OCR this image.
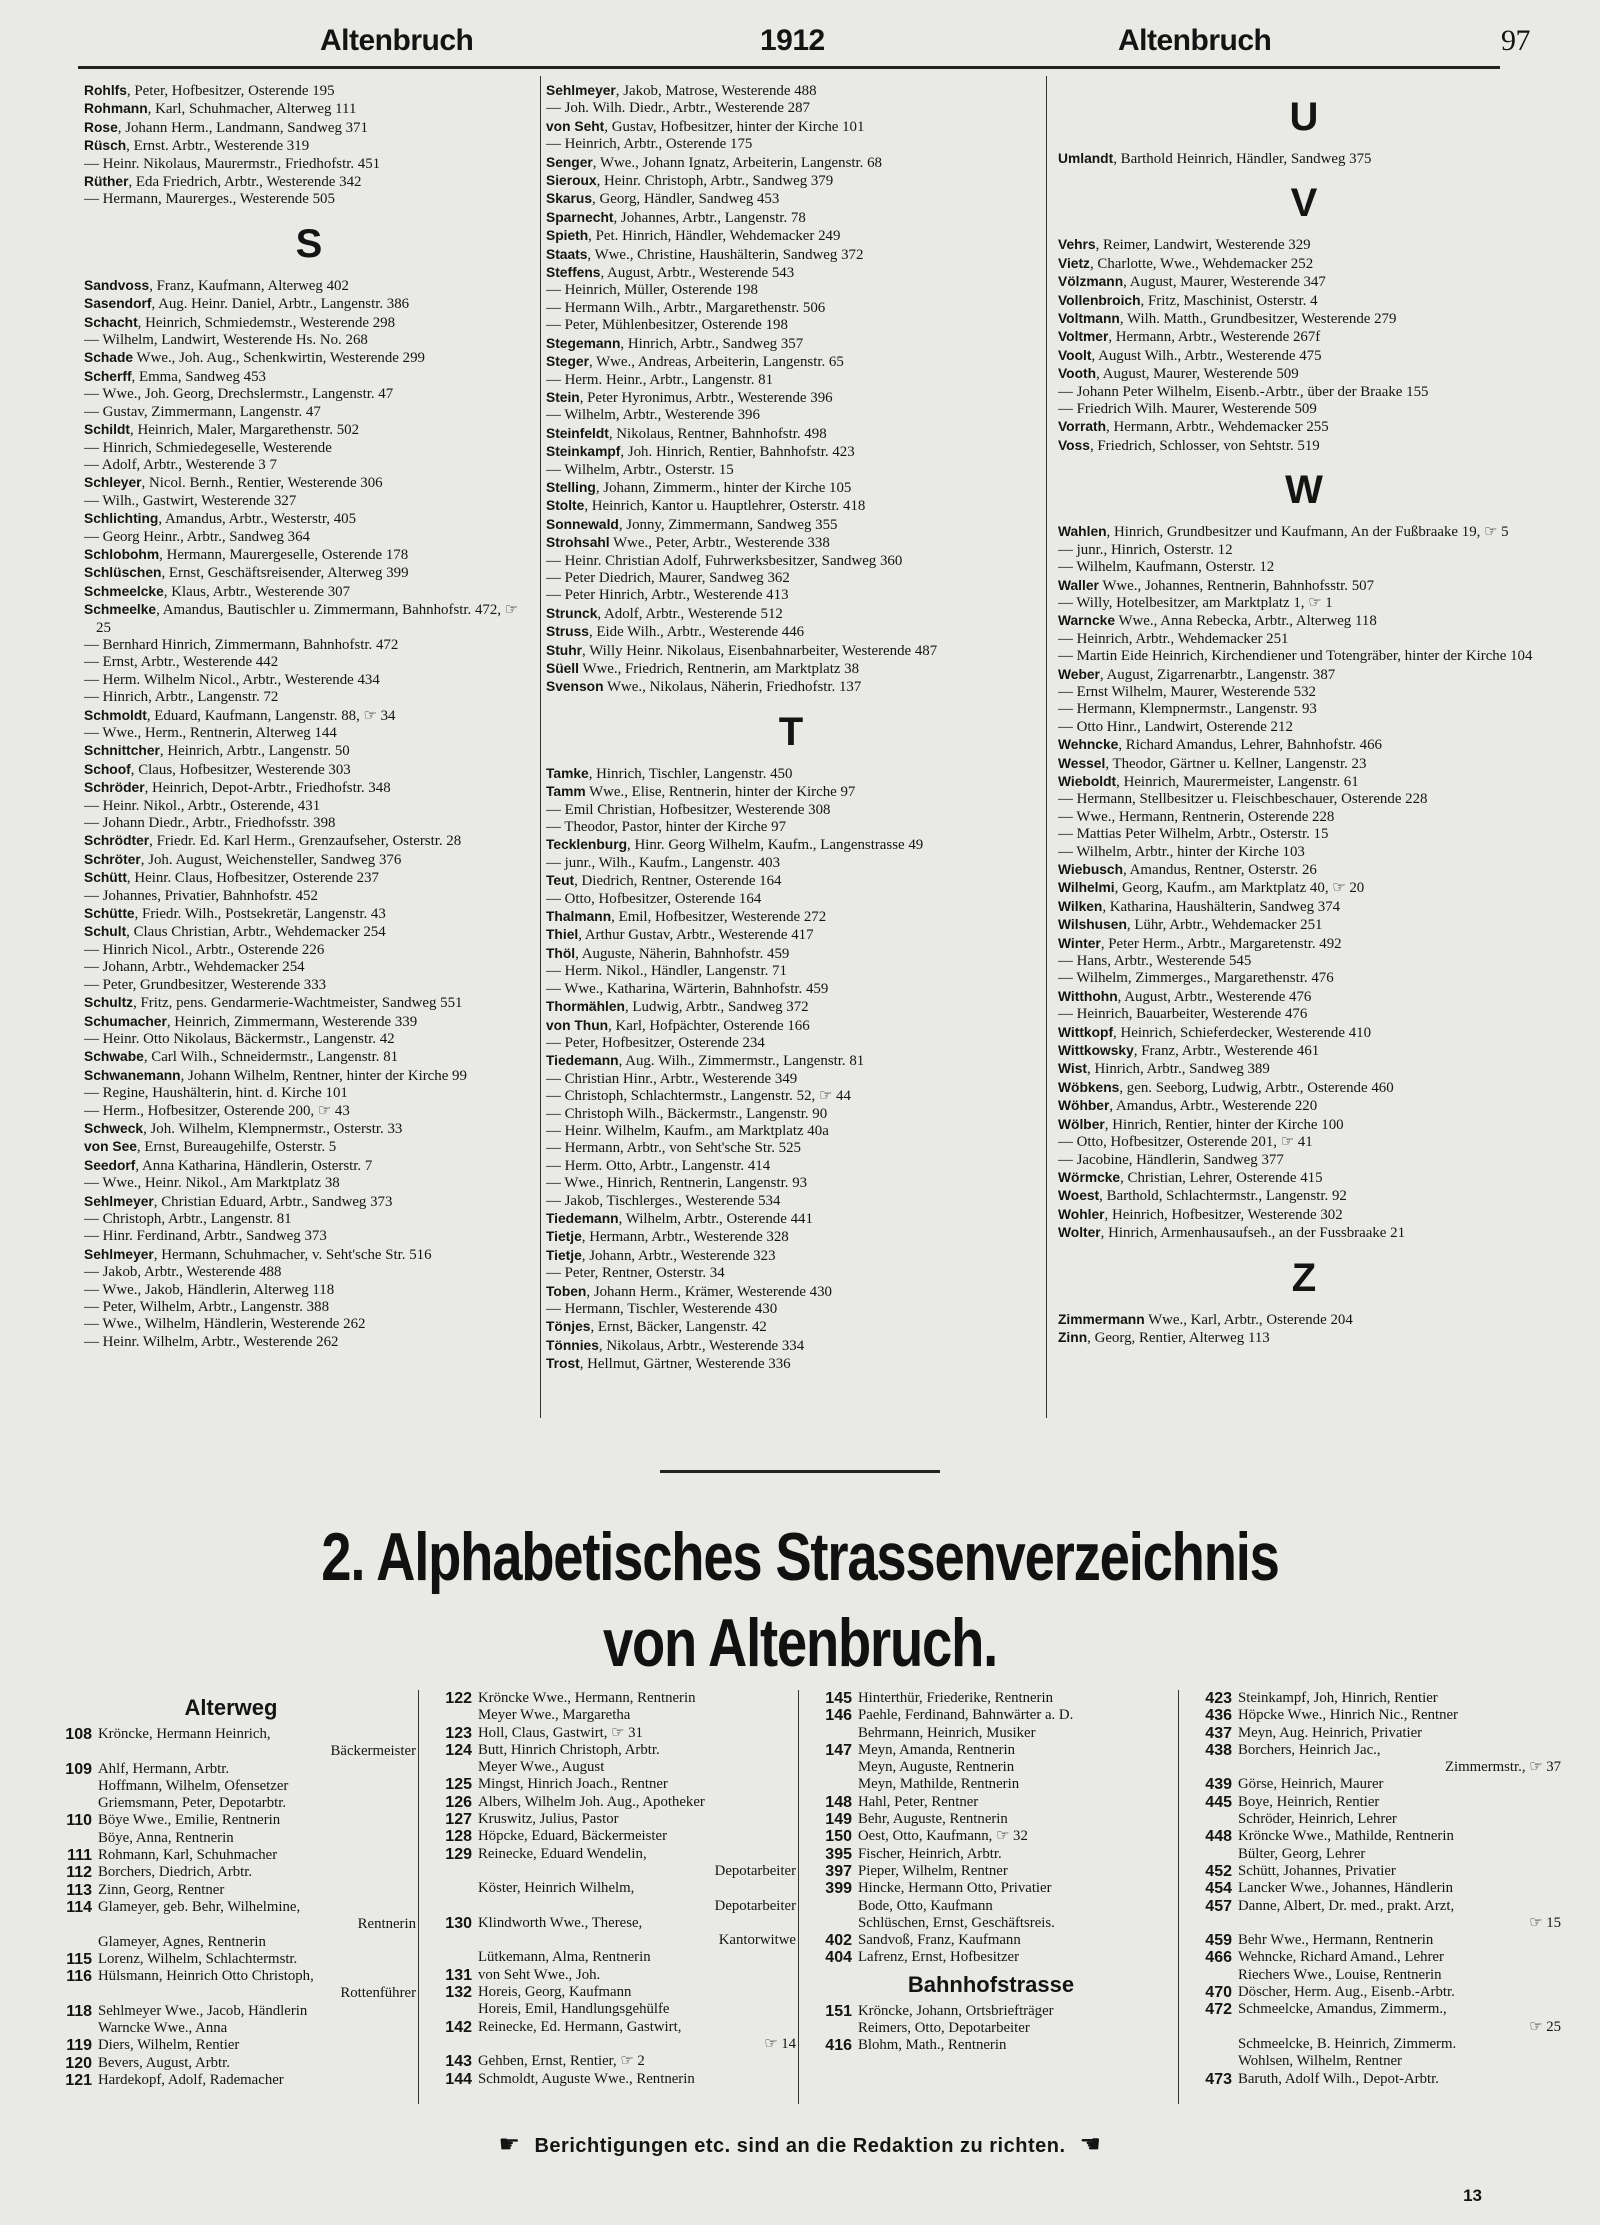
Altenbruch	1912	Altenbruch	97

Rohlfs, Peter, Hofbesitzer, Osterende 195

Rohmann, Karl, Schuhmacher, Alterweg 111

Rose, Johann Herm., Landmann, Sandweg 371

Rüsch, Ernst. Arbtr., Westerende 319

— Heinr. Nikolaus, Maurermstr., Friedhofstr. 451

Rüther, Eda Friedrich, Arbtr., Westerende 342

— Hermann, Maurerges., Westerende 505

S

Sandvoss, Franz, Kaufmann, Alterweg 402

Sasendorf, Aug. Heinr. Daniel, Arbtr., Langenstr. 386

Schacht, Heinrich, Schmiedemstr., Westerende 298

— Wilhelm, Landwirt, Westerende Hs. No. 268

Schade Wwe., Joh. Aug., Schenkwirtin, Westerende 299

Scherff, Emma, Sandweg 453

— Wwe., Joh. Georg, Drechslermstr., Langenstr. 47

— Gustav, Zimmermann, Langenstr. 47

Schildt, Heinrich, Maler, Margarethenstr. 502

— Hinrich, Schmiedegeselle, Westerende

— Adolf, Arbtr., Westerende 3 7

Schleyer, Nicol. Bernh., Rentier, Westerende 306

— Wilh., Gastwirt, Westerende 327

Schlichting, Amandus, Arbtr., Westerstr, 405

— Georg Heinr., Arbtr., Sandweg 364

Schlobohm, Hermann, Maurergeselle, Osterende 178

Schlüschen, Ernst, Geschäftsreisender, Alterweg 399

Schmeelcke, Klaus, Arbtr., Westerende 307

Schmeelke, Amandus, Bautischler u. Zimmermann, Bahnhofstr. 472, ☞ 25

— Bernhard Hinrich, Zimmermann, Bahnhofstr. 472

— Ernst, Arbtr., Westerende 442

— Herm. Wilhelm Nicol., Arbtr., Westerende 434

— Hinrich, Arbtr., Langenstr. 72

Schmoldt, Eduard, Kaufmann, Langenstr. 88, ☞ 34

— Wwe., Herm., Rentnerin, Alterweg 144

Schnittcher, Heinrich, Arbtr., Langenstr. 50

Schoof, Claus, Hofbesitzer, Westerende 303

Schröder, Heinrich, Depot-Arbtr., Friedhofstr. 348

— Heinr. Nikol., Arbtr., Osterende, 431

— Johann Diedr., Arbtr., Friedhofsstr. 398

Schrödter, Friedr. Ed. Karl Herm., Grenzaufseher, Osterstr. 28

Schröter, Joh. August, Weichensteller, Sandweg 376

Schütt, Heinr. Claus, Hofbesitzer, Osterende 237

— Johannes, Privatier, Bahnhofstr. 452

Schütte, Friedr. Wilh., Postsekretär, Langenstr. 43

Schult, Claus Christian, Arbtr., Wehdemacker 254

— Hinrich Nicol., Arbtr., Osterende 226

— Johann, Arbtr., Wehdemacker 254

— Peter, Grundbesitzer, Westerende 333

Schultz, Fritz, pens. Gendarmerie-Wachtmeister, Sandweg 551

Schumacher, Heinrich, Zimmermann, Westerende 339

— Heinr. Otto Nikolaus, Bäckermstr., Langenstr. 42

Schwabe, Carl Wilh., Schneidermstr., Langenstr. 81

Schwanemann, Johann Wilhelm, Rentner, hinter der Kirche 99

— Regine, Haushälterin, hint. d. Kirche 101

— Herm., Hofbesitzer, Osterende 200, ☞ 43

Schweck, Joh. Wilhelm, Klempnermstr., Osterstr. 33

von See, Ernst, Bureaugehilfe, Osterstr. 5

Seedorf, Anna Katharina, Händlerin, Osterstr. 7

— Wwe., Heinr. Nikol., Am Marktplatz 38

Sehlmeyer, Christian Eduard, Arbtr., Sandweg 373

— Christoph, Arbtr., Langenstr. 81

— Hinr. Ferdinand, Arbtr., Sandweg 373

Sehlmeyer, Hermann, Schuhmacher, v. Seht'sche Str. 516

— Jakob, Arbtr., Westerende 488

— Wwe., Jakob, Händlerin, Alterweg 118

— Peter, Wilhelm, Arbtr., Langenstr. 388

— Wwe., Wilhelm, Händlerin, Westerende 262

— Heinr. Wilhelm, Arbtr., Westerende 262

Sehlmeyer, Jakob, Matrose, Westerende 488

— Joh. Wilh. Diedr., Arbtr., Westerende 287

von Seht, Gustav, Hofbesitzer, hinter der Kirche 101

— Heinrich, Arbtr., Osterende 175

Senger, Wwe., Johann Ignatz, Arbeiterin, Langenstr. 68

Sieroux, Heinr. Christoph, Arbtr., Sandweg 379

Skarus, Georg, Händler, Sandweg 453

Sparnecht, Johannes, Arbtr., Langenstr. 78

Spieth, Pet. Hinrich, Händler, Wehdemacker 249

Staats, Wwe., Christine, Haushälterin, Sandweg 372

Steffens, August, Arbtr., Westerende 543

— Heinrich, Müller, Osterende 198

— Hermann Wilh., Arbtr., Margarethenstr. 506

— Peter, Mühlenbesitzer, Osterende 198

Stegemann, Hinrich, Arbtr., Sandweg 357

Steger, Wwe., Andreas, Arbeiterin, Langenstr. 65

— Herm. Heinr., Arbtr., Langenstr. 81

Stein, Peter Hyronimus, Arbtr., Westerende 396

— Wilhelm, Arbtr., Westerende 396

Steinfeldt, Nikolaus, Rentner, Bahnhofstr. 498

Steinkampf, Joh. Hinrich, Rentier, Bahnhofstr. 423

— Wilhelm, Arbtr., Osterstr. 15

Stelling, Johann, Zimmerm., hinter der Kirche 105

Stolte, Heinrich, Kantor u. Hauptlehrer, Osterstr. 418

Sonnewald, Jonny, Zimmermann, Sandweg 355

Strohsahl Wwe., Peter, Arbtr., Westerende 338

— Heinr. Christian Adolf, Fuhrwerksbesitzer, Sandweg 360

— Peter Diedrich, Maurer, Sandweg 362

— Peter Hinrich, Arbtr., Westerende 413

Strunck, Adolf, Arbtr., Westerende 512

Struss, Eide Wilh., Arbtr., Westerende 446

Stuhr, Willy Heinr. Nikolaus, Eisenbahnarbeiter, Westerende 487

Süell Wwe., Friedrich, Rentnerin, am Marktplatz 38

Svenson Wwe., Nikolaus, Näherin, Friedhofstr. 137

T

Tamke, Hinrich, Tischler, Langenstr. 450

Tamm Wwe., Elise, Rentnerin, hinter der Kirche 97

— Emil Christian, Hofbesitzer, Westerende 308

— Theodor, Pastor, hinter der Kirche 97

Tecklenburg, Hinr. Georg Wilhelm, Kaufm., Langenstrasse 49

— junr., Wilh., Kaufm., Langenstr. 403

Teut, Diedrich, Rentner, Osterende 164

— Otto, Hofbesitzer, Osterende 164

Thalmann, Emil, Hofbesitzer, Westerende 272

Thiel, Arthur Gustav, Arbtr., Westerende 417

Thöl, Auguste, Näherin, Bahnhofstr. 459

— Herm. Nikol., Händler, Langenstr. 71

— Wwe., Katharina, Wärterin, Bahnhofstr. 459

Thormählen, Ludwig, Arbtr., Sandweg 372

von Thun, Karl, Hofpächter, Osterende 166

— Peter, Hofbesitzer, Osterende 234

Tiedemann, Aug. Wilh., Zimmermstr., Langenstr. 81

— Christian Hinr., Arbtr., Westerende 349

— Christoph, Schlachtermstr., Langenstr. 52, ☞ 44

— Christoph Wilh., Bäckermstr., Langenstr. 90

— Heinr. Wilhelm, Kaufm., am Marktplatz 40a

— Hermann, Arbtr., von Seht'sche Str. 525

— Herm. Otto, Arbtr., Langenstr. 414

— Wwe., Hinrich, Rentnerin, Langenstr. 93

— Jakob, Tischlerges., Westerende 534

Tiedemann, Wilhelm, Arbtr., Osterende 441

Tietje, Hermann, Arbtr., Westerende 328

Tietje, Johann, Arbtr., Westerende 323

— Peter, Rentner, Osterstr. 34

Toben, Johann Herm., Krämer, Westerende 430

— Hermann, Tischler, Westerende 430

Tönjes, Ernst, Bäcker, Langenstr. 42

Tönnies, Nikolaus, Arbtr., Westerende 334

Trost, Hellmut, Gärtner, Westerende 336

U

Umlandt, Barthold Heinrich, Händler, Sandweg 375

V

Vehrs, Reimer, Landwirt, Westerende 329

Vietz, Charlotte, Wwe., Wehdemacker 252

Völzmann, August, Maurer, Westerende 347

Vollenbroich, Fritz, Maschinist, Osterstr. 4

Voltmann, Wilh. Matth., Grundbesitzer, Westerende 279

Voltmer, Hermann, Arbtr., Westerende 267f

Voolt, August Wilh., Arbtr., Westerende 475

Vooth, August, Maurer, Westerende 509

— Johann Peter Wilhelm, Eisenb.-Arbtr., über der Braake 155

— Friedrich Wilh. Maurer, Westerende 509

Vorrath, Hermann, Arbtr., Wehdemacker 255

Voss, Friedrich, Schlosser, von Sehtstr. 519

W

Wahlen, Hinrich, Grundbesitzer und Kaufmann, An der Fußbraake 19, ☞ 5

— junr., Hinrich, Osterstr. 12

— Wilhelm, Kaufmann, Osterstr. 12

Waller Wwe., Johannes, Rentnerin, Bahnhofsstr. 507

— Willy, Hotelbesitzer, am Marktplatz 1, ☞ 1

Warncke Wwe., Anna Rebecka, Arbtr., Alterweg 118

— Heinrich, Arbtr., Wehdemacker 251

— Martin Eide Heinrich, Kirchendiener und Totengräber, hinter der Kirche 104

Weber, August, Zigarrenarbtr., Langenstr. 387

— Ernst Wilhelm, Maurer, Westerende 532

— Hermann, Klempnermstr., Langenstr. 93

— Otto Hinr., Landwirt, Osterende 212

Wehncke, Richard Amandus, Lehrer, Bahnhofstr. 466

Wessel, Theodor, Gärtner u. Kellner, Langenstr. 23

Wieboldt, Heinrich, Maurermeister, Langenstr. 61

— Hermann, Stellbesitzer u. Fleischbeschauer, Osterende 228

— Wwe., Hermann, Rentnerin, Osterende 228

— Mattias Peter Wilhelm, Arbtr., Osterstr. 15

— Wilhelm, Arbtr., hinter der Kirche 103

Wiebusch, Amandus, Rentner, Osterstr. 26

Wilhelmi, Georg, Kaufm., am Marktplatz 40, ☞ 20

Wilken, Katharina, Haushälterin, Sandweg 374

Wilshusen, Lühr, Arbtr., Wehdemacker 251

Winter, Peter Herm., Arbtr., Margaretenstr. 492

— Hans, Arbtr., Westerende 545

— Wilhelm, Zimmerges., Margarethenstr. 476

Witthohn, August, Arbtr., Westerende 476

— Heinrich, Bauarbeiter, Westerende 476

Wittkopf, Heinrich, Schieferdecker, Westerende 410

Wittkowsky, Franz, Arbtr., Westerende 461

Wist, Hinrich, Arbtr., Sandweg 389

Wöbkens, gen. Seeborg, Ludwig, Arbtr., Osterende 460

Wöhber, Amandus, Arbtr., Westerende 220

Wölber, Hinrich, Rentier, hinter der Kirche 100

— Otto, Hofbesitzer, Osterende 201, ☞ 41

— Jacobine, Händlerin, Sandweg 377

Wörmcke, Christian, Lehrer, Osterende 415

Woest, Barthold, Schlachtermstr., Langenstr. 92

Wohler, Heinrich, Hofbesitzer, Westerende 302

Wolter, Hinrich, Armenhausaufseh., an der Fussbraake 21

Z

Zimmermann Wwe., Karl, Arbtr., Osterende 204

Zinn, Georg, Rentier, Alterweg 113

2. Alphabetisches Strassenverzeichnis
von Altenbruch.
Alterweg

108 Kröncke, Hermann Heinrich,

Bäckermeister

109 Ahlf, Hermann, Arbtr.

Hoffmann, Wilhelm, Ofensetzer

Griemsmann, Peter, Depotarbtr.

110 Böye Wwe., Emilie, Rentnerin

Böye, Anna, Rentnerin

111 Rohmann, Karl, Schuhmacher

112 Borchers, Diedrich, Arbtr.

113 Zinn, Georg, Rentner

114 Glameyer, geb. Behr, Wilhelmine,

Rentnerin

Glameyer, Agnes, Rentnerin

115 Lorenz, Wilhelm, Schlachtermstr.

116 Hülsmann, Heinrich Otto Christoph,

Rottenführer

118 Sehlmeyer Wwe., Jacob, Händlerin

Warncke Wwe., Anna

119 Diers, Wilhelm, Rentier

120 Bevers, August, Arbtr.

121 Hardekopf, Adolf, Rademacher

122 Kröncke Wwe., Hermann, Rentnerin

Meyer Wwe., Margaretha

123 Holl, Claus, Gastwirt, ☞ 31

124 Butt, Hinrich Christoph, Arbtr.

Meyer Wwe., August

125 Mingst, Hinrich Joach., Rentner

126 Albers, Wilhelm Joh. Aug., Apotheker

127 Kruswitz, Julius, Pastor

128 Höpcke, Eduard, Bäckermeister

129 Reinecke, Eduard Wendelin,

Depotarbeiter

Köster, Heinrich Wilhelm,

Depotarbeiter

130 Klindworth Wwe., Therese,

Kantorwitwe

Lütkemann, Alma, Rentnerin

131 von Seht Wwe., Joh.

132 Horeis, Georg, Kaufmann

Horeis, Emil, Handlungsgehülfe

142 Reinecke, Ed. Hermann, Gastwirt,

☞ 14

143 Gehben, Ernst, Rentier, ☞ 2

144 Schmoldt, Auguste Wwe., Rentnerin

145 Hinterthür, Friederike, Rentnerin

146 Paehle, Ferdinand, Bahnwärter a. D.

Behrmann, Heinrich, Musiker

147 Meyn, Amanda, Rentnerin

Meyn, Auguste, Rentnerin

Meyn, Mathilde, Rentnerin

148 Hahl, Peter, Rentner

149 Behr, Auguste, Rentnerin

150 Oest, Otto, Kaufmann, ☞ 32

395 Fischer, Heinrich, Arbtr.

397 Pieper, Wilhelm, Rentner

399 Hincke, Hermann Otto, Privatier

Bode, Otto, Kaufmann

Schlüschen, Ernst, Geschäftsreis.

402 Sandvoß, Franz, Kaufmann

404 Lafrenz, Ernst, Hofbesitzer

Bahnhofstrasse

151 Kröncke, Johann, Ortsbriefträger

Reimers, Otto, Depotarbeiter

416 Blohm, Math., Rentnerin

423 Steinkampf, Joh, Hinrich, Rentier

436 Höpcke Wwe., Hinrich Nic., Rentner

437 Meyn, Aug. Heinrich, Privatier

438 Borchers, Heinrich Jac.,

Zimmermstr., ☞ 37

439 Görse, Heinrich, Maurer

445 Boye, Heinrich, Rentier

Schröder, Heinrich, Lehrer

448 Kröncke Wwe., Mathilde, Rentnerin

Bülter, Georg, Lehrer

452 Schütt, Johannes, Privatier

454 Lancker Wwe., Johannes, Händlerin

457 Danne, Albert, Dr. med., prakt. Arzt,

☞ 15

459 Behr Wwe., Hermann, Rentnerin

466 Wehncke, Richard Amand., Lehrer

Riechers Wwe., Louise, Rentnerin

470 Döscher, Herm. Aug., Eisenb.-Arbtr.

472 Schmeelcke, Amandus, Zimmerm.,

☞ 25

Schmeelcke, B. Heinrich, Zimmerm.

Wohlsen, Wilhelm, Rentner

473 Baruth, Adolf Wilh., Depot-Arbtr.

☛ Berichtigungen etc. sind an die Redaktion zu richten. ☚
13
